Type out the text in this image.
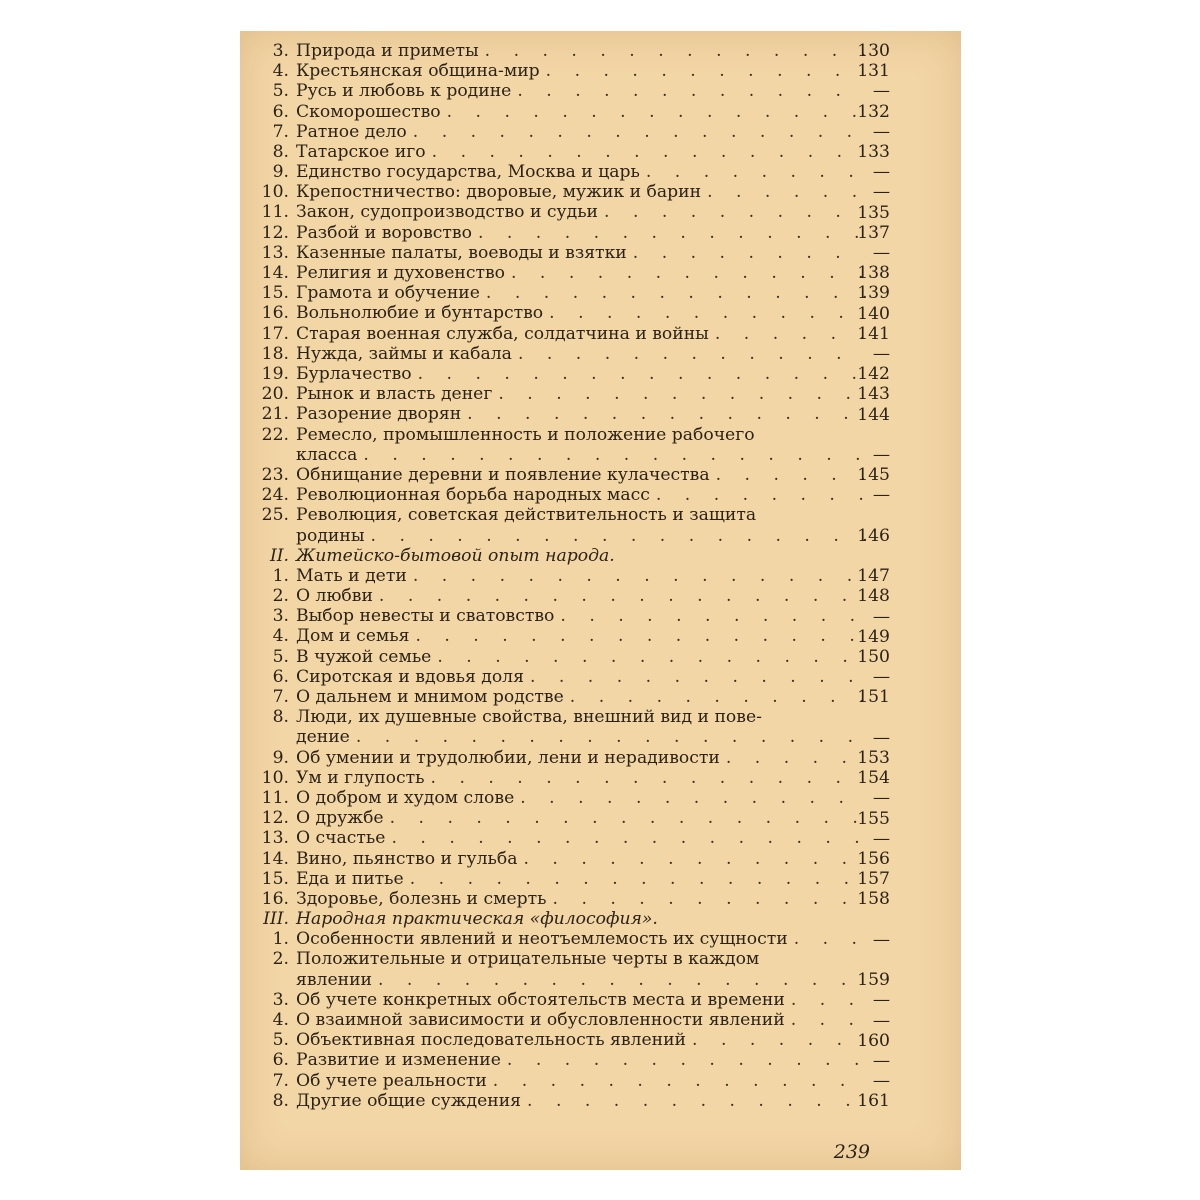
3. Природа и приметы . . .	130
4. Крестьянская община-мир . . .	131
5. Русь и любовь к родине . . .	—
6. Скоморошество . . .	132
7. Ратное дело . . .	—
8. Татарское иго . . .	133
9. Единство государства, Москва и царь . . .	—
10. Крепостничество: дворовые, мужик и барин . . .	—
11. Закон, судопроизводство и судьи . . .	135
12. Разбой и воровство . . .	137
13. Казенные палаты, воеводы и взятки . . .	—
14. Религия и духовенство . . .	138
15. Грамота и обучение . . .	139
16. Вольнолюбие и бунтарство . . .	140
17. Старая военная служба, солдатчина и войны . . .	141
18. Нужда, займы и кабала . . .	—
19. Бурлачество . . .	142
20. Рынок и власть денег . . .	143
21. Разорение дворян . . .	144
22. Ремесло, промышленность и положение рабочего
класса . . .	—
23. Обнищание деревни и появление кулачества . . .	145
24. Революционная борьба народных масс . . .	—
25. Революция, советская действительность и защита
родины . . .	146
II. Житейско-бытовой опыт народа.
1. Мать и дети . . .	147
2. О любви . . .	148
3. Выбор невесты и сватовство . . .	—
4. Дом и семья . . .	149
5. В чужой семье . . .	150
6. Сиротская и вдовья доля . . .	—
7. О дальнем и мнимом родстве . . .	151
8. Люди, их душевные свойства, внешний вид и пове-
дение . . .	—
9. Об умении и трудолюбии, лени и нерадивости . . .	153
10. Ум и глупость . . .	154
11. О добром и худом слове . . .	—
12. О дружбе . . .	155
13. О счастье . . .	—
14. Вино, пьянство и гульба . . .	156
15. Еда и питье . . .	157
16. Здоровье, болезнь и смерть . . .	158
III. Народная практическая «философия».
1. Особенности явлений и неотъемлемость их сущности . . .	—
2. Положительные и отрицательные черты в каждом
явлении . . .	159
3. Об учете конкретных обстоятельств места и времени . . .	—
4. О взаимной зависимости и обусловленности явлений . . .	—
5. Объективная последовательность явлений . . .	160
6. Развитие и изменение . . .	—
7. Об учете реальности . . .	—
8. Другие общие суждения . . .	161
239
